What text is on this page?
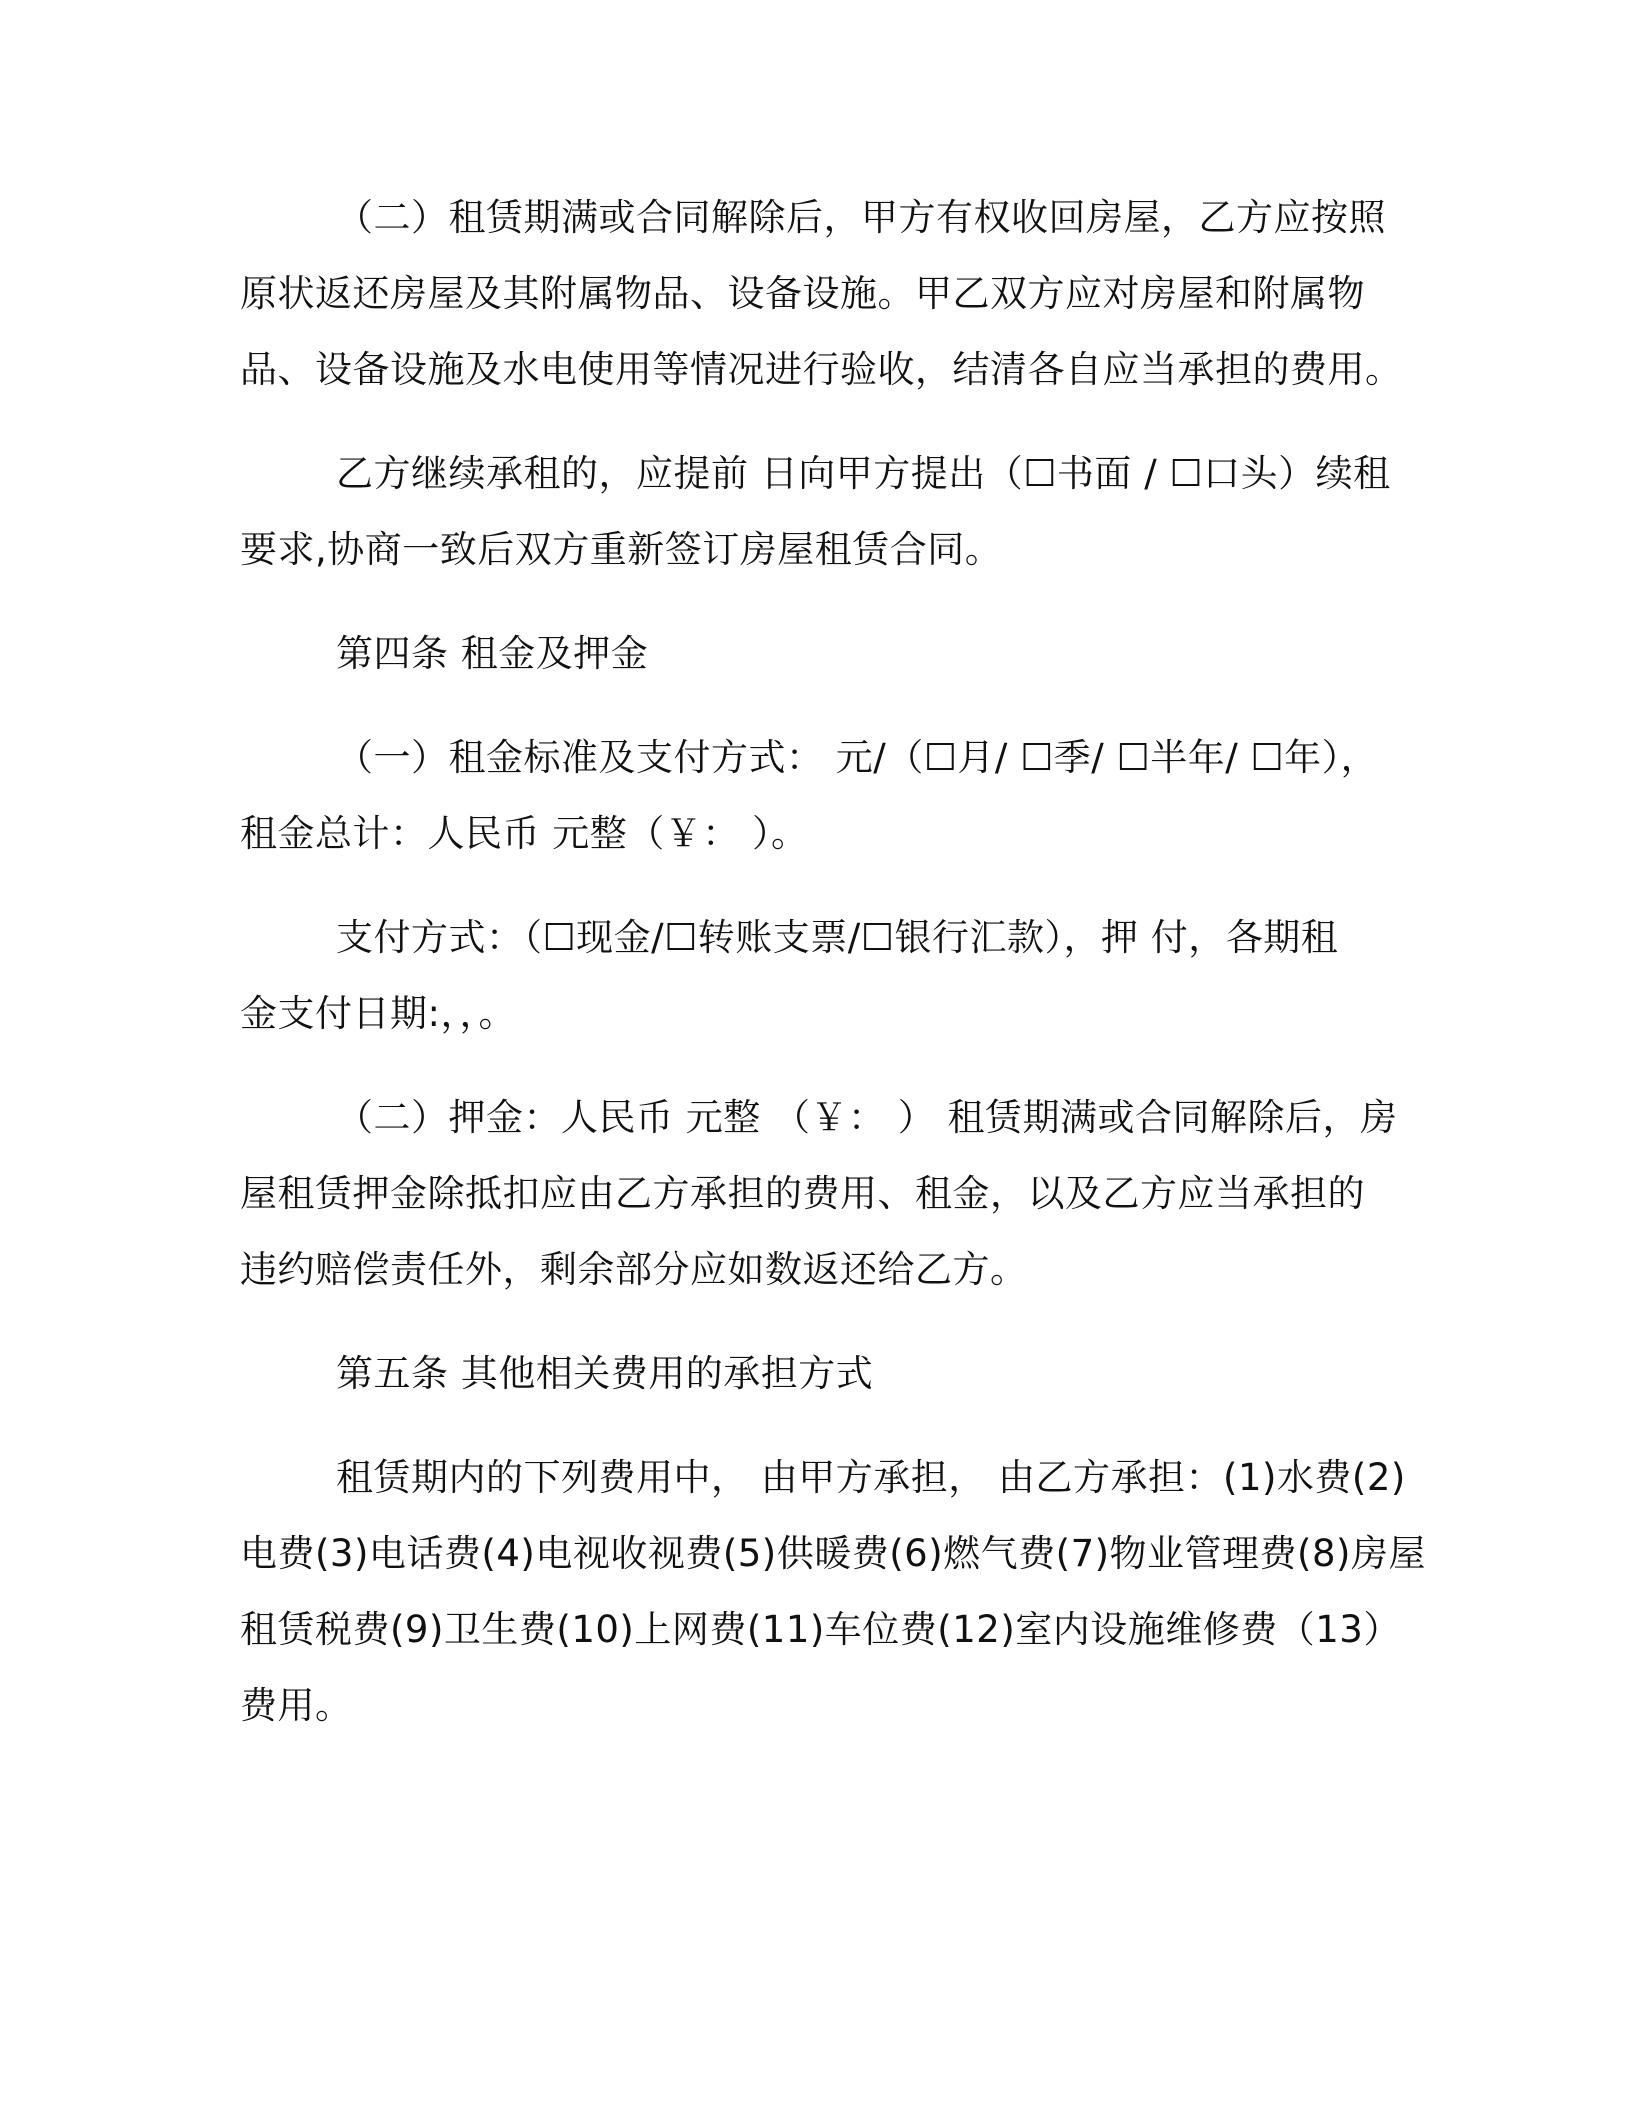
（二）租赁期满或合同解除后，甲方有权收回房屋，乙方应按照
原状返还房屋及其附属物品、设备设施。甲乙双方应对房屋和附属物
品、设备设施及水电使用等情况进行验收，结清各自应当承担的费用。
乙方继续承租的，应提前 日向甲方提出（☐书面 / ☐口头）续租
要求,协商一致后双方重新签订房屋租赁合同。
第四条 租金及押金
（一）租金标准及支付方式： 元/（☐月/ ☐季/ ☐半年/ ☐年），
租金总计：人民币 元整（￥： ）。
支付方式：（☐现金/☐转账支票/☐银行汇款），押 付，各期租
金支付日期:，，。
（二）押金：人民币 元整 （￥： ） 租赁期满或合同解除后，房
屋租赁押金除抵扣应由乙方承担的费用、租金，以及乙方应当承担的
违约赔偿责任外，剩余部分应如数返还给乙方。
第五条 其他相关费用的承担方式
租赁期内的下列费用中， 由甲方承担， 由乙方承担：(1)水费(2)
电费(3)电话费(4)电视收视费(5)供暖费(6)燃气费(7)物业管理费(8)房屋
租赁税费(9)卫生费(10)上网费(11)车位费(12)室内设施维修费（13）
费用。
